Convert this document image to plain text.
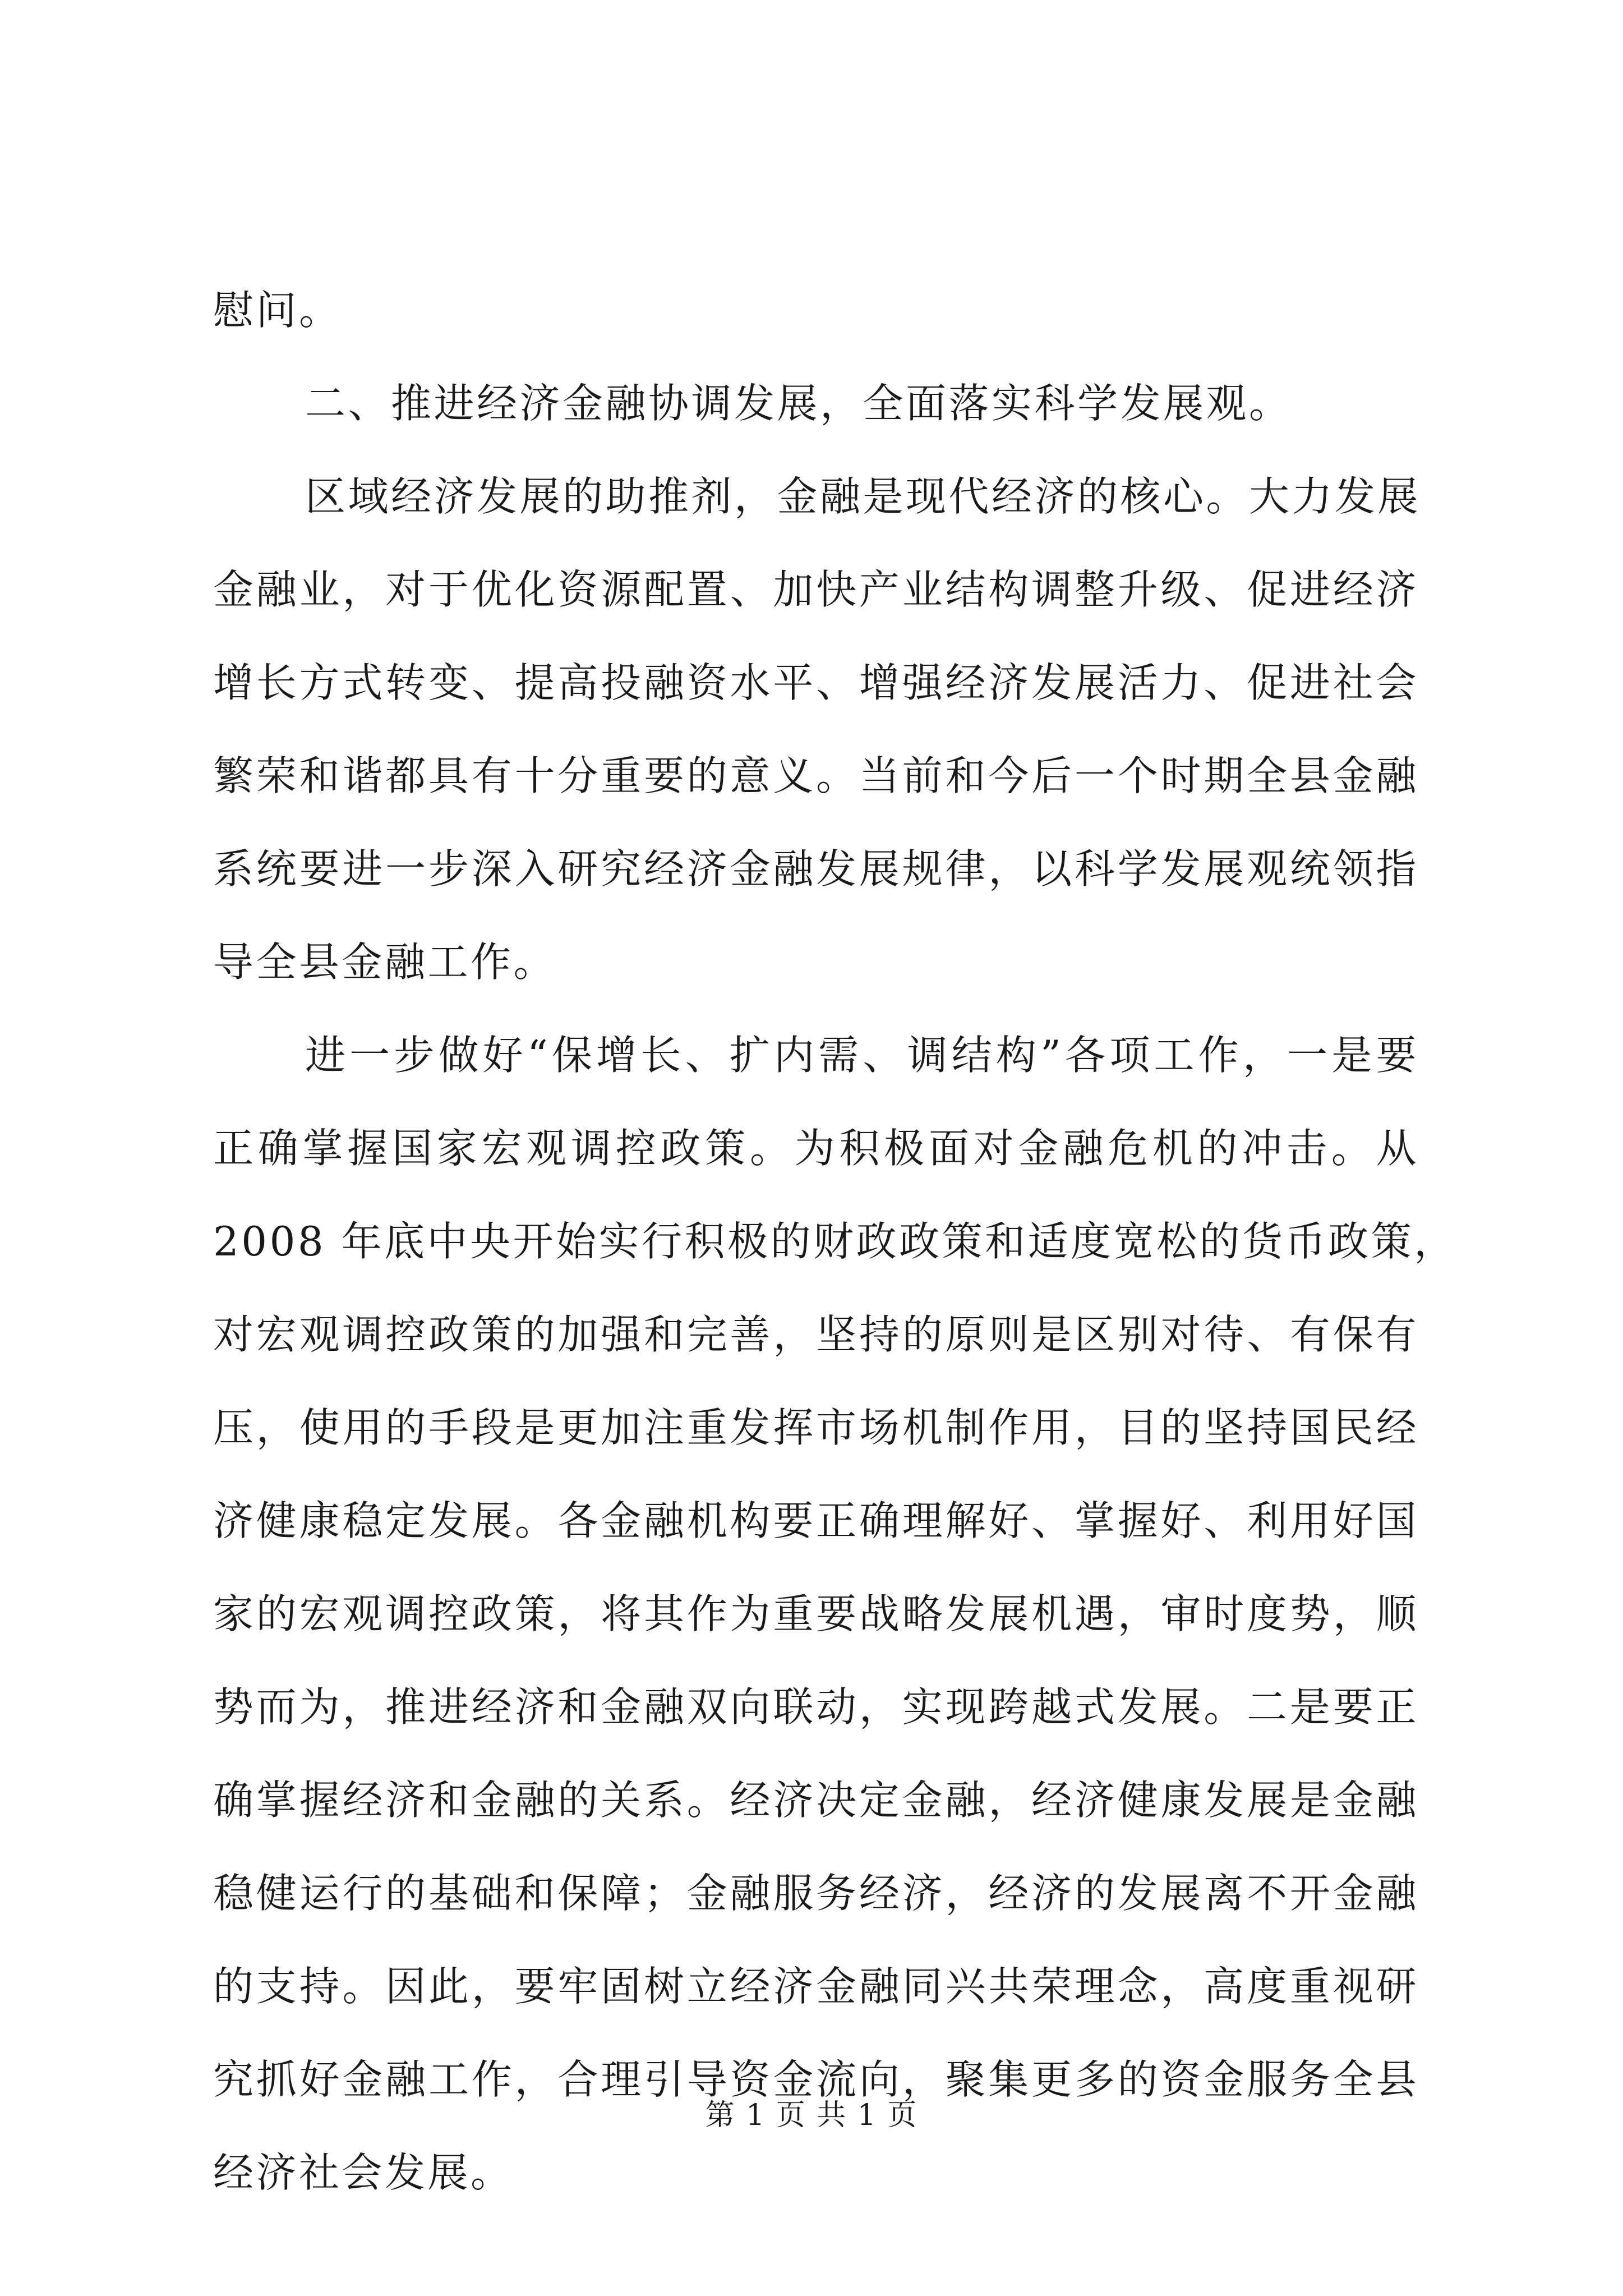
慰问。
二、推进经济金融协调发展，全面落实科学发展观。
区域经济发展的助推剂，金融是现代经济的核心。大力发展
金融业，对于优化资源配置、加快产业结构调整升级、促进经济
增长方式转变、提高投融资水平、增强经济发展活力、促进社会
繁荣和谐都具有十分重要的意义。当前和今后一个时期全县金融
系统要进一步深入研究经济金融发展规律，以科学发展观统领指
导全县金融工作。
进一步做好“保增长、扩内需、调结构”各项工作，一是要
正确掌握国家宏观调控政策。为积极面对金融危机的冲击。从
2008 年底中央开始实行积极的财政政策和适度宽松的货币政策，
对宏观调控政策的加强和完善，坚持的原则是区别对待、有保有
压，使用的手段是更加注重发挥市场机制作用，目的坚持国民经
济健康稳定发展。各金融机构要正确理解好、掌握好、利用好国
家的宏观调控政策，将其作为重要战略发展机遇，审时度势，顺
势而为，推进经济和金融双向联动，实现跨越式发展。二是要正
确掌握经济和金融的关系。经济决定金融，经济健康发展是金融
稳健运行的基础和保障；金融服务经济，经济的发展离不开金融
的支持。因此，要牢固树立经济金融同兴共荣理念，高度重视研
究抓好金融工作，合理引导资金流向，聚集更多的资金服务全县
经济社会发展。
第 1 页 共 1 页
